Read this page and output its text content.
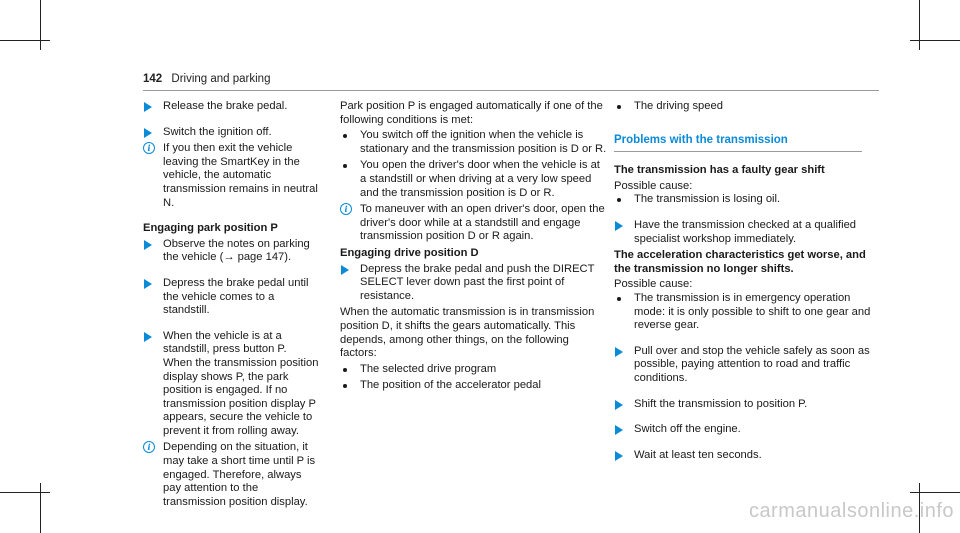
142 Driving and parking

Release the brake pedal.

Switch the ignition off.

i	If you then exit the vehicle leaving the SmartKey in the vehicle, the automatic transmission remains in neutral N.

Engaging park position P

Observe the notes on parking the vehicle (→ page 147).

Depress the brake pedal until the vehicle comes to a standstill.

When the vehicle is at a standstill, press button P.

When the transmission position display shows P, the park position is engaged. If no transmission position display P appears, secure the vehicle to prevent it from rolling away.

i	Depending on the situation, it may take a short time until P is engaged. Therefore, always pay attention to the transmission position display.

Park position P is engaged automatically if one of the following conditions is met:

You switch off the ignition when the vehicle is stationary and the transmission position is D or R.

You open the driver's door when the vehicle is at a standstill or when driving at a very low speed and the transmission position is D or R.

i	To maneuver with an open driver's door, open the driver's door while at a standstill and engage transmission position D or R again.

Engaging drive position D

Depress the brake pedal and push the DIRECT SELECT lever down past the first point of resistance.

When the automatic transmission is in transmission position D, it shifts the gears automatically. This depends, among other things, on the following factors:

The selected drive program

The position of the accelerator pedal

The driving speed

Problems with the transmission

The transmission has a faulty gear shift

Possible cause:

The transmission is losing oil.

Have the transmission checked at a qualified specialist workshop immediately.

The acceleration characteristics get worse, and the transmission no longer shifts.

Possible cause:

The transmission is in emergency operation mode: it is only possible to shift to one gear and reverse gear.

Pull over and stop the vehicle safely as soon as possible, paying attention to road and traffic conditions.

Shift the transmission to position P.

Switch off the engine.

Wait at least ten seconds.

carmanualsonline.info
